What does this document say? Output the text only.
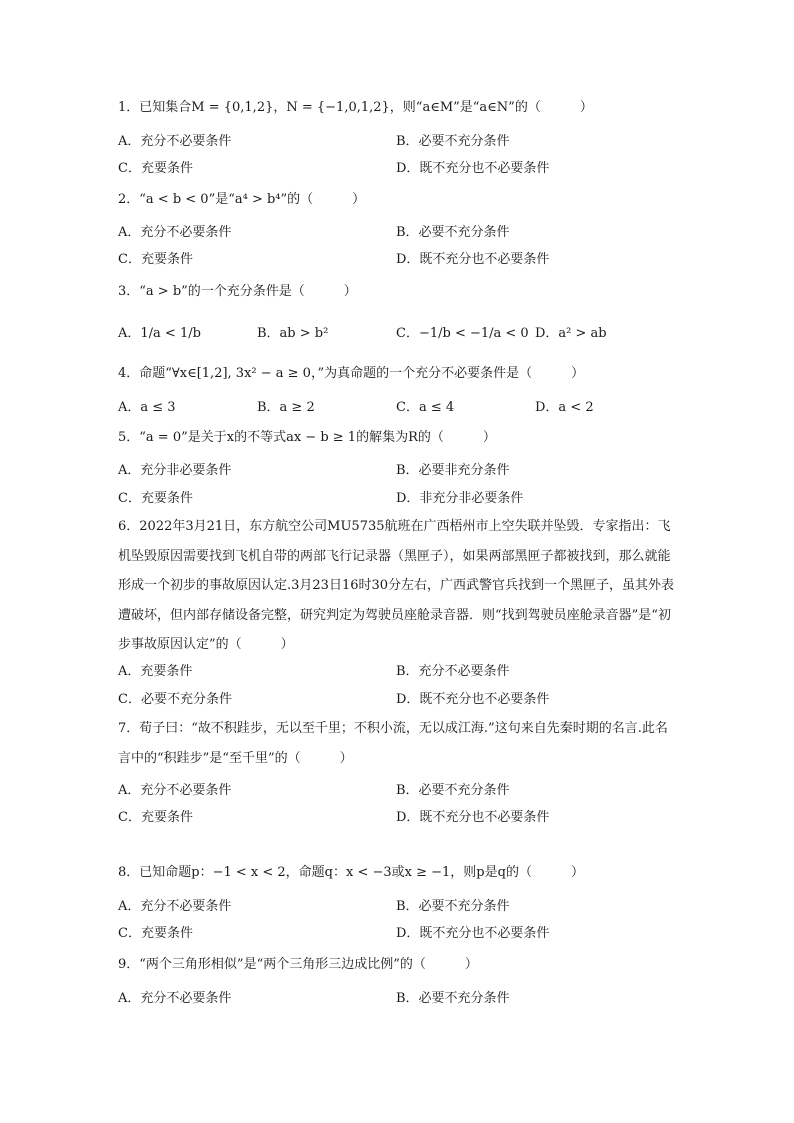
1．已知集合M = {0,1,2}，N = {−1,0,1,2}，则“a∈M”是“a∈N”的（　　　）
A．充分不必要条件	B．必要不充分条件
C．充要条件	D．既不充分也不必要条件
2．“a < b < 0”是“a⁴ > b⁴”的（　　　）
A．充分不必要条件	B．必要不充分条件
C．充要条件	D．既不充分也不必要条件
3．“a > b”的一个充分条件是（　　　）
A．1/a < 1/b	B．ab > b²	C．−1/b < −1/a < 0 D．a² > ab
4．命题“∀x∈[1,2], 3x² − a ≥ 0，”为真命题的一个充分不必要条件是（　　　）
A．a ≤ 3	B．a ≥ 2	C．a ≤ 4	D．a < 2
5．“a = 0”是关于x的不等式ax − b ≥ 1的解集为R的（　　　）
A．充分非必要条件	B．必要非充分条件
C．充要条件	D．非充分非必要条件
6．2022年3月21日，东方航空公司MU5735航班在广西梧州市上空失联并坠毁．专家指出：飞机坠毁原因需要找到飞机自带的两部飞行记录器（黑匣子），如果两部黑匣子都被找到，那么就能形成一个初步的事故原因认定.3月23日16时30分左右，广西武警官兵找到一个黑匣子，虽其外表遭破坏，但内部存储设备完整，研究判定为驾驶员座舱录音器．则“找到驾驶员座舱录音器”是“初步事故原因认定”的（　　　）
A．充要条件	B．充分不必要条件
C．必要不充分条件	D．既不充分也不必要条件
7．荀子曰：“故不积跬步，无以至千里；不积小流，无以成江海.”这句来自先秦时期的名言.此名言中的“积跬步”是“至千里”的（　　　）
A．充分不必要条件	B．必要不充分条件
C．充要条件	D．既不充分也不必要条件
8．已知命题p：−1 < x < 2，命题q：x < −3或x ≥ −1，则p是q的（　　　）
A．充分不必要条件	B．必要不充分条件
C．充要条件	D．既不充分也不必要条件
9．“两个三角形相似”是“两个三角形三边成比例”的（　　　）
A．充分不必要条件	B．必要不充分条件
